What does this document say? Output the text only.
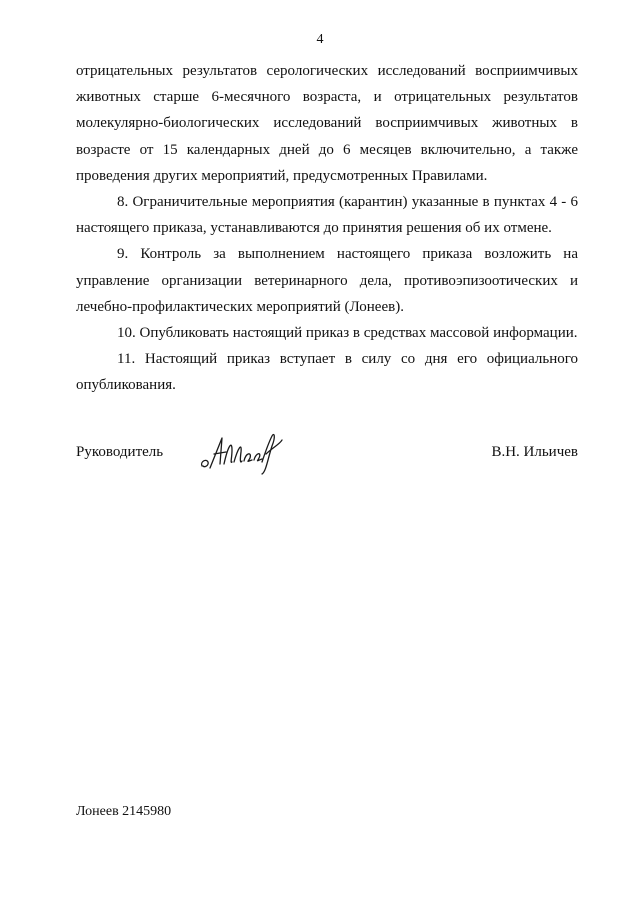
4

отрицательных результатов серологических исследований восприимчивых животных старше 6-месячного возраста, и отрицательных результатов молекулярно-биологических исследований восприимчивых животных в возрасте от 15 календарных дней до 6 месяцев включительно, а также проведения других мероприятий, предусмотренных Правилами.

8. Ограничительные мероприятия (карантин) указанные в пунктах 4 - 6 настоящего приказа, устанавливаются до принятия решения об их отмене.

9. Контроль за выполнением настоящего приказа возложить на управление организации ветеринарного дела, противоэпизоотических и лечебно-профилактических мероприятий (Лонеев).

10. Опубликовать настоящий приказ в средствах массовой информации.

11. Настоящий приказ вступает в силу со дня его официального опубликования.

Руководитель	В.Н. Ильичев
Лонеев 2145980
